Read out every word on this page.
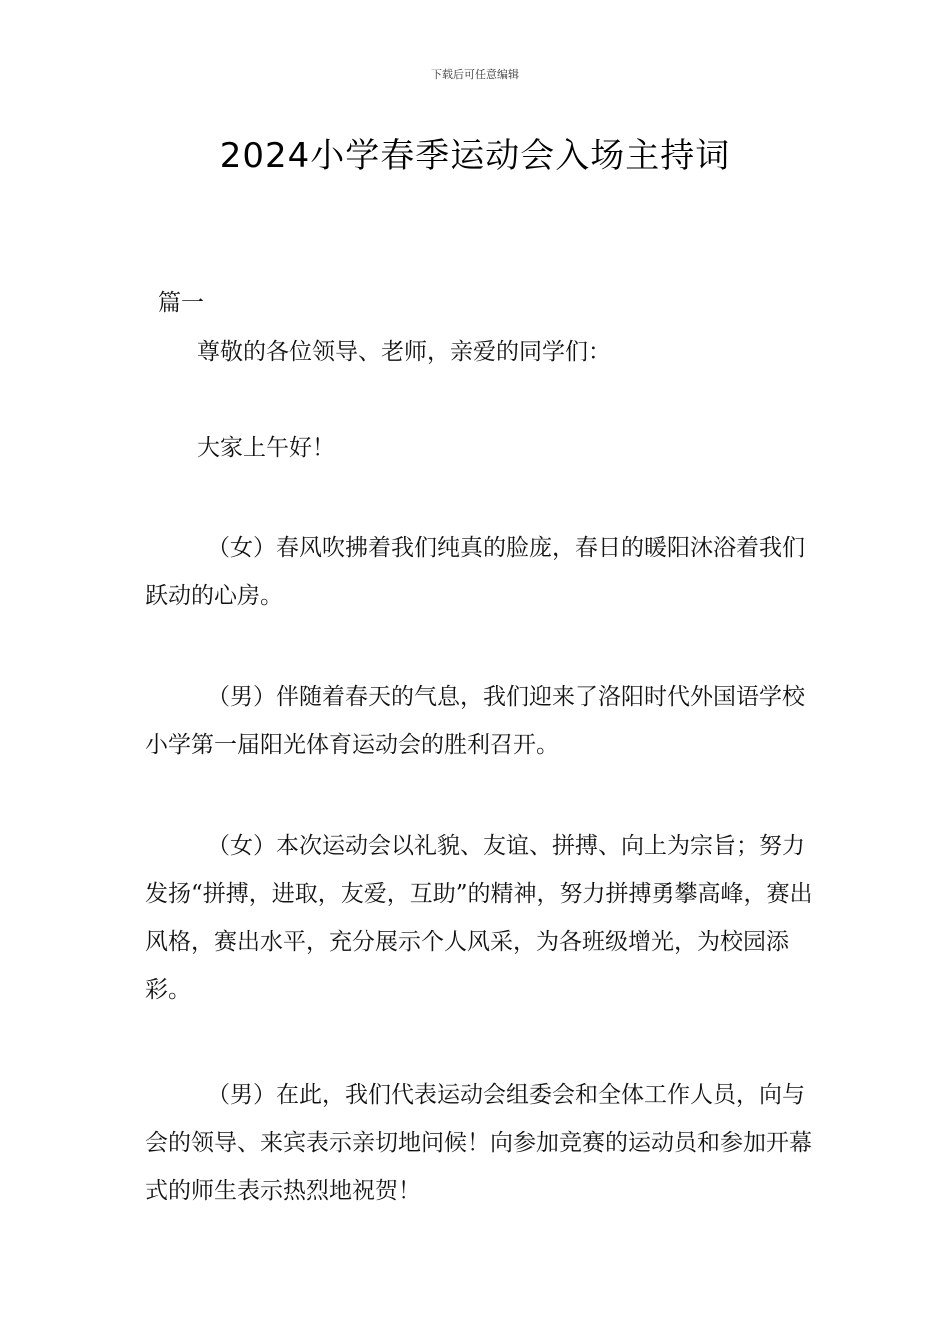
下载后可任意编辑
2024小学春季运动会入场主持词
篇一
尊敬的各位领导、老师，亲爱的同学们：
大家上午好！
（女）春风吹拂着我们纯真的脸庞，春日的暖阳沐浴着我们跃动的心房。
（男）伴随着春天的气息，我们迎来了洛阳时代外国语学校小学第一届阳光体育运动会的胜利召开。
（女）本次运动会以礼貌、友谊、拼搏、向上为宗旨；努力发扬“拼搏，进取，友爱，互助”的精神，努力拼搏勇攀高峰，赛出风格，赛出水平，充分展示个人风采，为各班级增光，为校园添彩。
（男）在此，我们代表运动会组委会和全体工作人员，向与会的领导、来宾表示亲切地问候！向参加竞赛的运动员和参加开幕式的师生表示热烈地祝贺！
